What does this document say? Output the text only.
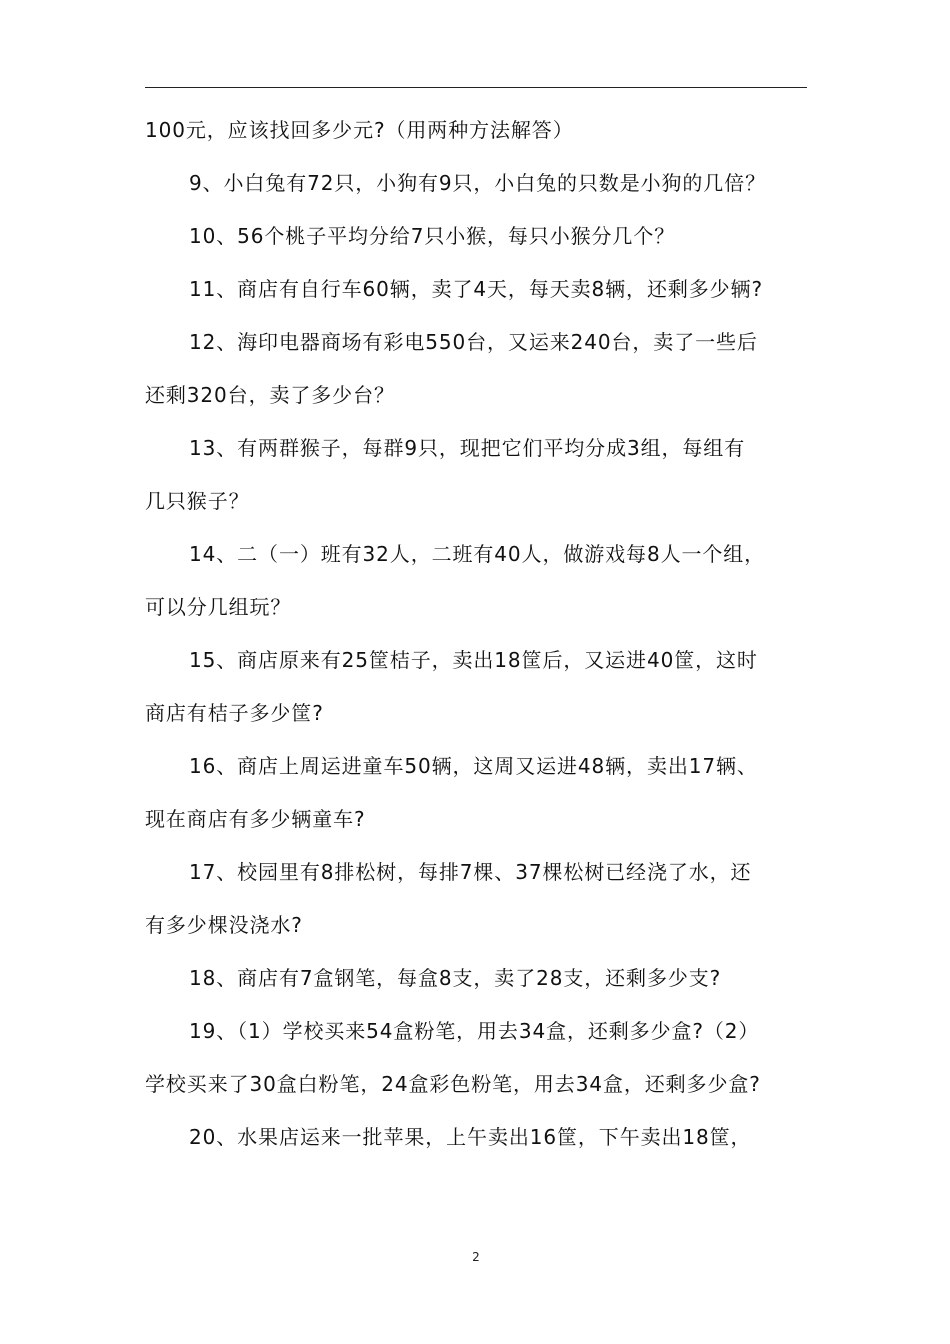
100元，应该找回多少元?（用两种方法解答）
9、小白兔有72只，小狗有9只，小白兔的只数是小狗的几倍？
10、56个桃子平均分给7只小猴，每只小猴分几个？
11、商店有自行车60辆，卖了4天，每天卖8辆，还剩多少辆?
12、海印电器商场有彩电550台，又运来240台，卖了一些后
还剩320台，卖了多少台？
13、有两群猴子，每群9只，现把它们平均分成3组，每组有
几只猴子？
14、二（一）班有32人，二班有40人，做游戏每8人一个组，
可以分几组玩？
15、商店原来有25筐桔子，卖出18筐后，又运进40筐，这时
商店有桔子多少筐?
16、商店上周运进童车50辆，这周又运进48辆，卖出17辆、
现在商店有多少辆童车?
17、校园里有8排松树，每排7棵、37棵松树已经浇了水，还
有多少棵没浇水?
18、商店有7盒钢笔，每盒8支，卖了28支，还剩多少支?
19、（1）学校买来54盒粉笔，用去34盒，还剩多少盒?（2）
学校买来了30盒白粉笔，24盒彩色粉笔，用去34盒，还剩多少盒?
20、水果店运来一批苹果，上午卖出16筐，下午卖出18筐，
2
